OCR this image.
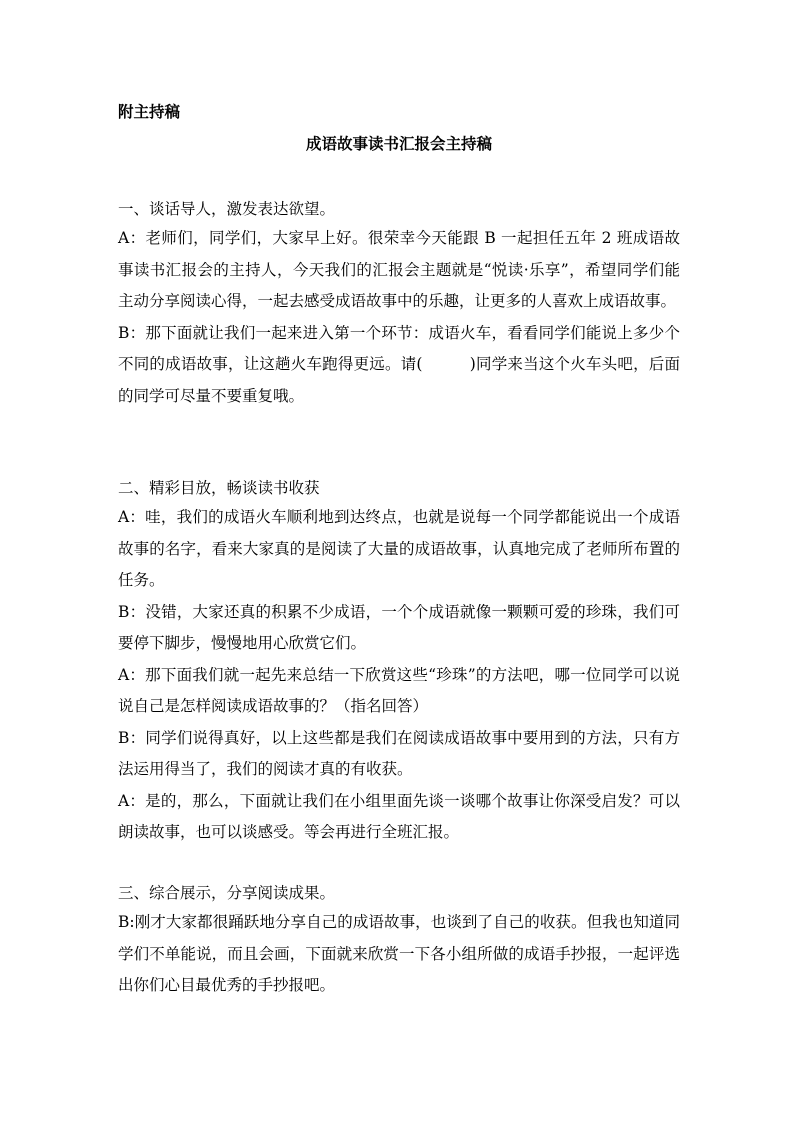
附主持稿
成语故事读书汇报会主持稿
一、谈话导人，激发表达欲望。

A：老师们，同学们，大家早上好。很荣幸今天能跟 B 一起担任五年 2 班成语故事读书汇报会的主持人，今天我们的汇报会主题就是“悦读·乐享”，希望同学们能主动分享阅读心得，一起去感受成语故事中的乐趣，让更多的人喜欢上成语故事。

B：那下面就让我们一起来进入第一个环节：成语火车，看看同学们能说上多少个不同的成语故事，让这趟火车跑得更远。请(　　　)同学来当这个火车头吧，后面的同学可尽量不要重复哦。

二、精彩目放，畅谈读书收获

A：哇，我们的成语火车顺利地到达终点，也就是说每一个同学都能说出一个成语故事的名字，看来大家真的是阅读了大量的成语故事，认真地完成了老师所布置的任务。

B：没错，大家还真的积累不少成语，一个个成语就像一颗颗可爱的珍珠，我们可要停下脚步，慢慢地用心欣赏它们。

A：那下面我们就一起先来总结一下欣赏这些“珍珠”的方法吧，哪一位同学可以说说自己是怎样阅读成语故事的？（指名回答）

B：同学们说得真好，以上这些都是我们在阅读成语故事中要用到的方法，只有方法运用得当了，我们的阅读才真的有收获。

A：是的，那么，下面就让我们在小组里面先谈一谈哪个故事让你深受启发？可以朗读故事，也可以谈感受。等会再进行全班汇报。

三、综合展示，分享阅读成果。

B:刚才大家都很踊跃地分享自己的成语故事，也谈到了自己的收获。但我也知道同学们不单能说，而且会画，下面就来欣赏一下各小组所做的成语手抄报，一起评选出你们心目最优秀的手抄报吧。
